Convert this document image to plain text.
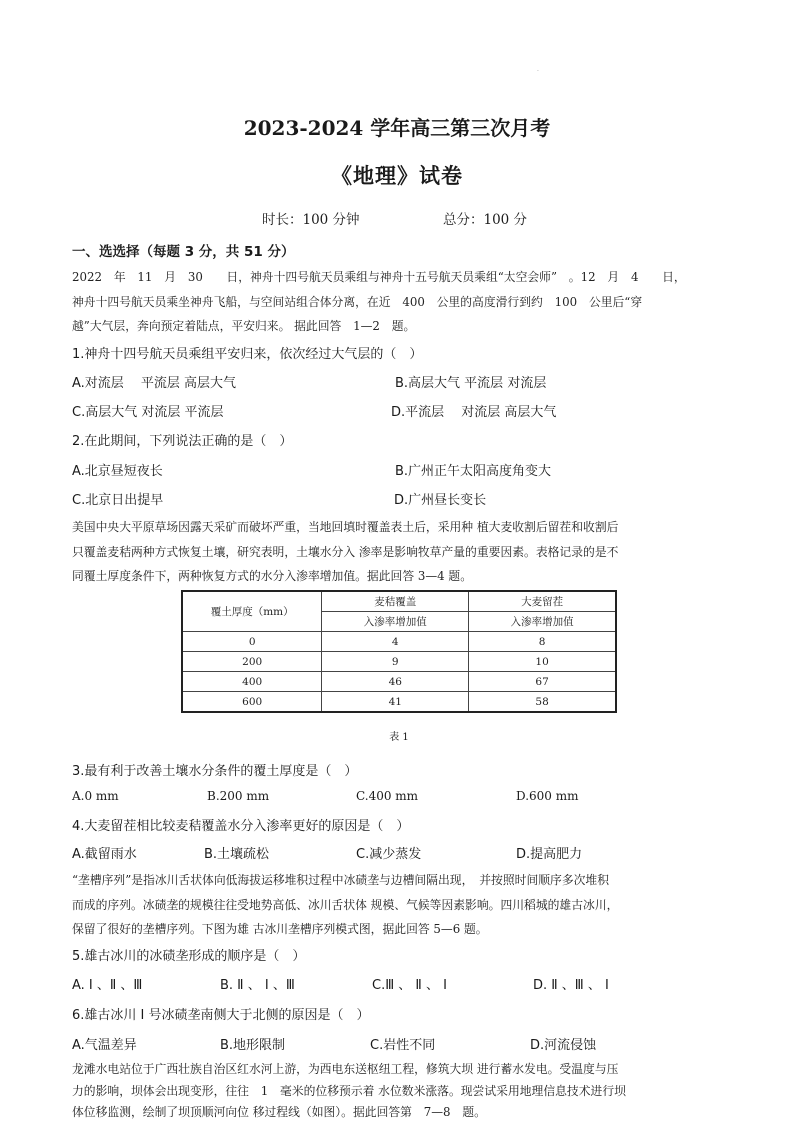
·
2023-2024 学年高三第三次月考
《地理》试卷
时长：100 分钟	总分：100 分
一、选选择（每题 3 分，共 51 分）
2022　年　11　月　30　　日，神舟十四号航天员乘组与神舟十五号航天员乘组“太空会师”　。12　月　4　　日，
神舟十四号航天员乘坐神舟飞船，与空间站组合体分离，在近　400　公里的高度滑行到约　100　公里后“穿
越”大气层，奔向预定着陆点，平安归来。 据此回答　1—2　题。
1.神舟十四号航天员乘组平安归来，依次经过大气层的（　）
A.对流层　 平流层 高层大气	B.高层大气 平流层 对流层
C.高层大气 对流层 平流层	D.平流层　 对流层 高层大气
2.在此期间，下列说法正确的是（　）
A.北京昼短夜长	B.广州正午太阳高度角变大
C.北京日出提早	D.广州昼长变长
美国中央大平原草场因露天采矿而破坏严重，当地回填时覆盖表土后，采用种 植大麦收割后留茬和收割后
只覆盖麦秸两种方式恢复土壤，研究表明，土壤水分入 渗率是影响牧草产量的重要因素。表格记录的是不
同覆土厚度条件下，两种恢复方式的水分入渗率增加值。据此回答 3—4 题。
覆土厚度（mm）	麦秸覆盖	大麦留茬
	入渗率增加值	入渗率增加值
0	4	8
200	9	10
400	46	67
600	41	58
表 1
3.最有利于改善土壤水分条件的覆土厚度是（　）
A.0 mm	B.200 mm	C.400 mm	D.600 mm
4.大麦留茬相比较麦秸覆盖水分入渗率更好的原因是（　）
A.截留雨水	B.土壤疏松	C.减少蒸发	D.提高肥力
“垄槽序列”是指冰川舌状体向低海拔运移堆积过程中冰碛垄与边槽间隔出现，　并按照时间顺序多次堆积
而成的序列。冰碛垄的规模往往受地势高低、冰川舌状体 规模、气候等因素影响。四川稻城的雄古冰川，
保留了很好的垄槽序列。下图为雄 古冰川垄槽序列模式图，据此回答 5—6 题。
5.雄古冰川的冰碛垄形成的顺序是（　）
A. Ⅰ 、Ⅱ 、Ⅲ	B. Ⅱ 、 Ⅰ 、Ⅲ	C.Ⅲ 、 Ⅱ 、 Ⅰ	D. Ⅱ 、Ⅲ 、 Ⅰ
6.雄古冰川 Ⅰ 号冰碛垄南侧大于北侧的原因是（　）
A.气温差异	B.地形限制	C.岩性不同	D.河流侵蚀
龙滩水电站位于广西壮族自治区红水河上游，为西电东送枢纽工程，修筑大坝 进行蓄水发电。受温度与压
力的影响，坝体会出现变形，往往　1　毫米的位移预示着 水位数米涨落。现尝试采用地理信息技术进行坝
体位移监测，绘制了坝顶顺河向位 移过程线（如图）。据此回答第　7—8　题。
